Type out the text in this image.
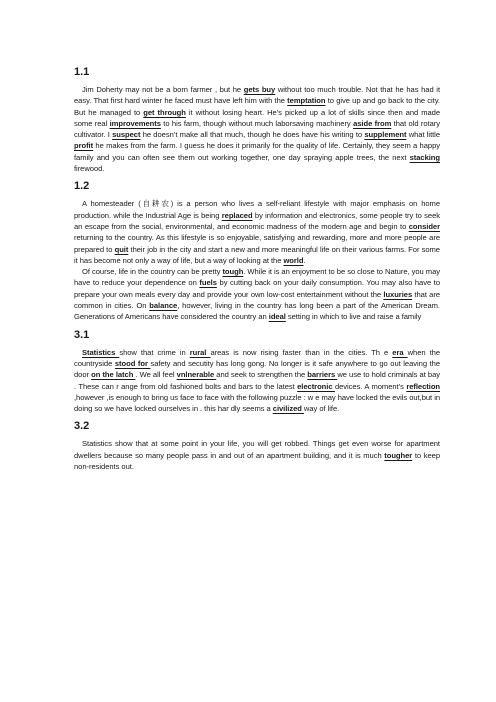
1.1

Jim Doherty may not be a born farmer , but he gets buy without too much trouble. Not that he has had it easy. That first hard winter he faced must have left him with the temptation to give up and go back to the city. But he managed to get through it without losing heart. He’s picked up a lot of skills since then and made some real improvements to his farm, though without much laborsaving machinery aside from that old rotary cultivator. I suspect he doesn’t make all that much, though he does have his writing to supplement what little profit he makes from the farm. I guess he does it primarily for the quality of life. Certainly, they seem a happy family and you can often see them out working together, one day spraying apple trees, the next stacking firewood.

1.2

A homesteader (自耕农) is a person who lives a self-reliant lifestyle with major emphasis on home production. while the Industrial Age is being replaced by information and electronics, some people try to seek an escape from the social, environmental, and economic madness of the modern age and begin to consider returning to the country. As this lifestyle is so enjoyable, satisfying and rewarding, more and more people are prepared to quit their job in the city and start a new and more meaningful life on their various farms. For some it has become not only a way of life, but a way of looking at the world.

Of course, life in the country can be pretty tough. While it is an enjoyment to be so close to Nature, you may have to reduce your dependence on fuels by cutting back on your daily consumption. You may also have to prepare your own meals every day and provide your own low-cost entertainment without the luxuries that are common in cities. On balance, however, living in the country has long been a part of the American Dream. Generations of Americans have considered the country an ideal setting in which to live and raise a family

3.1

Statistics show that crime in rural areas is now rising faster than in the cities. Th e era when the countryside stood for safety and secutity has long gong. No longer is it safe anywhere to go out leaving the door on the latch . We all feel vnlnerable and seek to strengthen the barriers we use to hold criminals at bay . These can r ange from old fashioned bolts and bars to the latest electronic devices. A moment’s reflection ,however ,is enough to bring us face to face with the following puzzle : w e may have locked the evils out,but in doing so we have locked ourselves in . this har dly seems a civilized way of life.

3.2

Statistics show that at some point in your life, you will get robbed. Things get even worse for apartment dwellers because so many people pass in and out of an apartment building, and it is much tougher to keep non-residents out.
